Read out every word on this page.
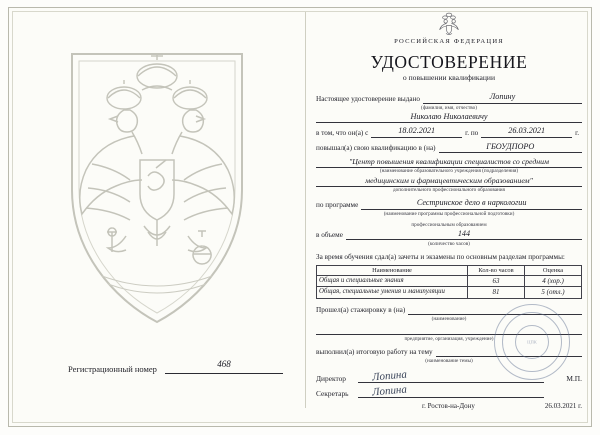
Регистрационный номер	468
РОССИЙСКАЯ ФЕДЕРАЦИЯ
УДОСТОВЕРЕНИЕ
о повышении квалификации
Настоящее удостоверение выдано	Лопину
(фамилия, имя, отчество)
Николаю Николаевичу
в том, что он(а) с	18.02.2021	г. по	26.03.2021	г.
повышал(а) свою квалификацию в (на)	ГБОУДПОРО
"Центр повышения квалификации специалистов со средним
(наименование образовательного учреждения (подразделения)
медицинским и фармацевтическим образованием"
дополнительного профессионального образования
по программе	Сестринское дело в наркологии
(наименование программы профессиональной подготовки)
профессиональным образованием
в объеме	144
(количество часов)
За время обучения сдал(а) зачеты и экзамены по основным разделам программы:
Наименование	Кол-во часов	Оценка
Общая и специальные знания	63	4 (хор.)
Общая, специальные умения и манипуляции	81	5 (отл.)
Прошел(а) стажировку в (на)

(наименование)

предприятие, организация, учреждение)
выполнил(а) итоговую работу на тему

(наименование темы)
Директор	Лопина	М.П.
Секретарь	Лопина

г. Ростов-на-Дону	26.03.2021 г.
ЦПК
